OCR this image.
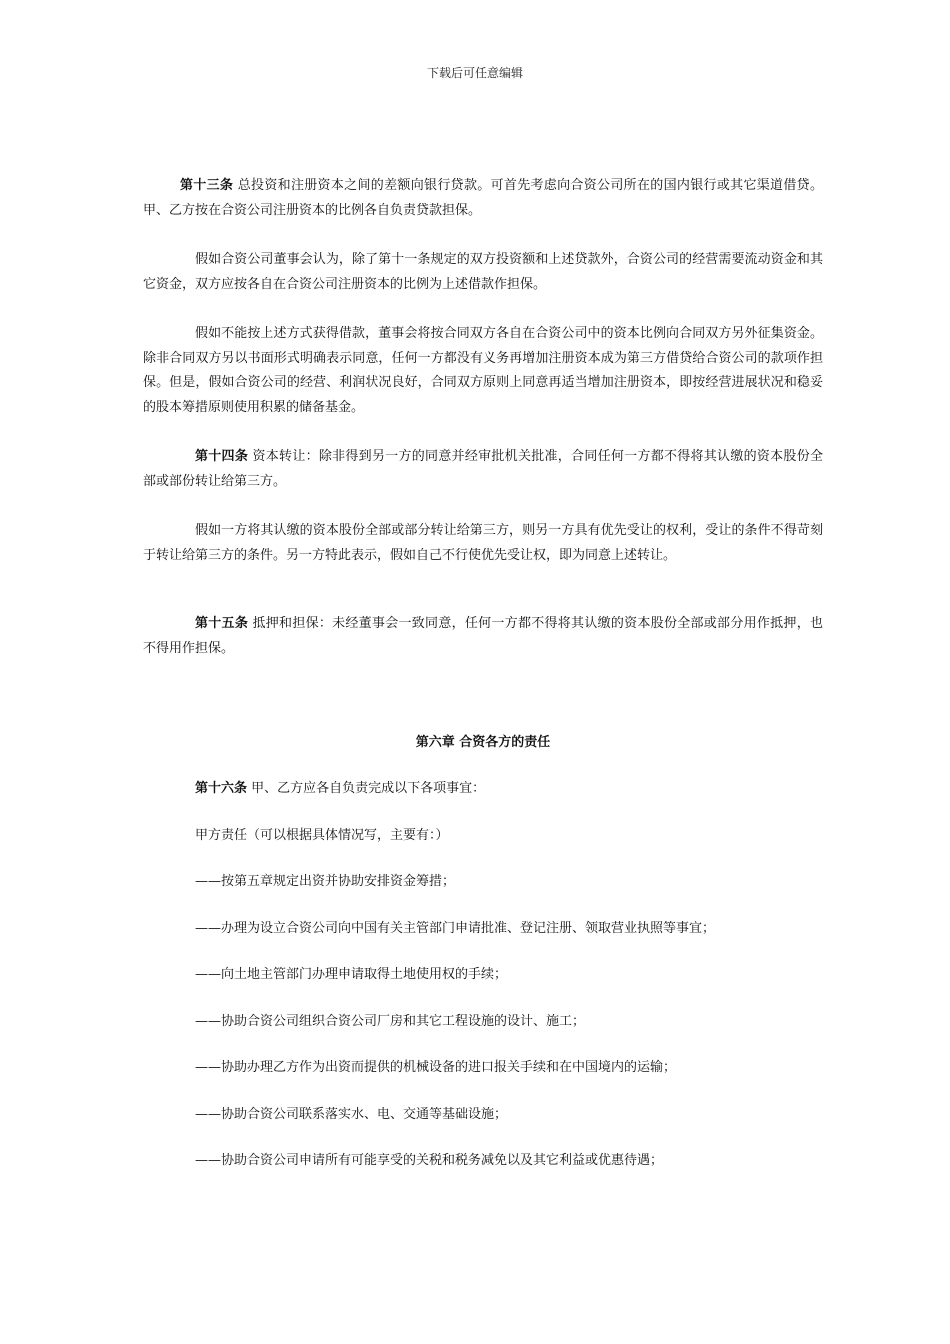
下载后可任意编辑

第十三条 总投资和注册资本之间的差额向银行贷款。可首先考虑向合资公司所在的国内银行或其它渠道借贷。甲、乙方按在合资公司注册资本的比例各自负责贷款担保。

假如合资公司董事会认为，除了第十一条规定的双方投资额和上述贷款外，合资公司的经营需要流动资金和其它资金，双方应按各自在合资公司注册资本的比例为上述借款作担保。

假如不能按上述方式获得借款，董事会将按合同双方各自在合资公司中的资本比例向合同双方另外征集资金。除非合同双方另以书面形式明确表示同意，任何一方都没有义务再增加注册资本成为第三方借贷给合资公司的款项作担保。但是，假如合资公司的经营、利润状况良好，合同双方原则上同意再适当增加注册资本，即按经营进展状况和稳妥的股本筹措原则使用积累的储备基金。

第十四条 资本转让：除非得到另一方的同意并经审批机关批准，合同任何一方都不得将其认缴的资本股份全部或部份转让给第三方。

假如一方将其认缴的资本股份全部或部分转让给第三方，则另一方具有优先受让的权利，受让的条件不得苛刻于转让给第三方的条件。另一方特此表示，假如自己不行使优先受让权，即为同意上述转让。

第十五条 抵押和担保：未经董事会一致同意，任何一方都不得将其认缴的资本股份全部或部分用作抵押，也不得用作担保。

第六章 合资各方的责任

第十六条 甲、乙方应各自负责完成以下各项事宜：

甲方责任（可以根据具体情况写，主要有：）

——按第五章规定出资并协助安排资金筹措；

——办理为设立合资公司向中国有关主管部门申请批准、登记注册、领取营业执照等事宜；

——向土地主管部门办理申请取得土地使用权的手续；

——协助合资公司组织合资公司厂房和其它工程设施的设计、施工；

——协助办理乙方作为出资而提供的机械设备的进口报关手续和在中国境内的运输；

——协助合资公司联系落实水、电、交通等基础设施；

——协助合资公司申请所有可能享受的关税和税务减免以及其它利益或优惠待遇；
